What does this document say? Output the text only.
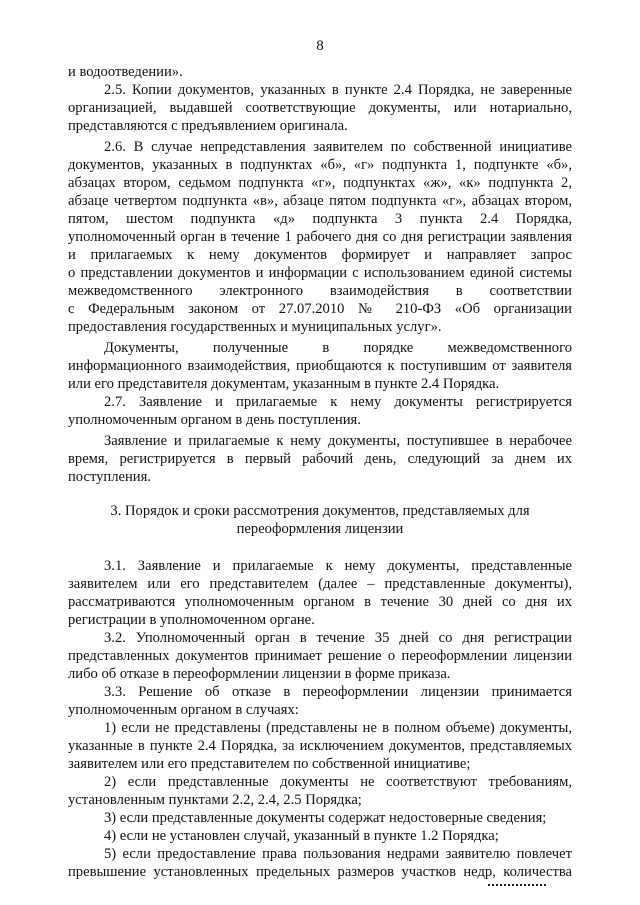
8
и водоотведении».
2.5. Копии документов, указанных в пункте 2.4 Порядка, не заверенные
организацией, выдавшей соответствующие документы, или нотариально,
представляются с предъявлением оригинала.
2.6. В случае непредставления заявителем по собственной инициативе
документов, указанных в подпунктах «б», «г» подпункта 1, подпункте «б»,
абзацах втором, седьмом подпункта «г», подпунктах «ж», «к» подпункта 2,
абзаце четвертом подпункта «в», абзаце пятом подпункта «г», абзацах втором,
пятом, шестом подпункта «д» подпункта 3 пункта 2.4 Порядка,
уполномоченный орган в течение 1 рабочего дня со дня регистрации заявления
и прилагаемых к нему документов формирует и направляет запрос
о представлении документов и информации с использованием единой системы
межведомственного электронного взаимодействия в соответствии
с Федеральным законом от 27.07.2010 № 210-ФЗ «Об организации
предоставления государственных и муниципальных услуг».
Документы, полученные в порядке межведомственного
информационного взаимодействия, приобщаются к поступившим от заявителя
или его представителя документам, указанным в пункте 2.4 Порядка.
2.7. Заявление и прилагаемые к нему документы регистрируется
уполномоченным органом в день поступления.
Заявление и прилагаемые к нему документы, поступившее в нерабочее
время, регистрируется в первый рабочий день, следующий за днем их
поступления.
3. Порядок и сроки рассмотрения документов, представляемых для
переоформления лицензии
3.1. Заявление и прилагаемые к нему документы, представленные
заявителем или его представителем (далее – представленные документы),
рассматриваются уполномоченным органом в течение 30 дней со дня их
регистрации в уполномоченном органе.
3.2. Уполномоченный орган в течение 35 дней со дня регистрации
представленных документов принимает решение о переоформлении лицензии
либо об отказе в переоформлении лицензии в форме приказа.
3.3. Решение об отказе в переоформлении лицензии принимается
уполномоченным органом в случаях:
1) если не представлены (представлены не в полном объеме) документы,
указанные в пункте 2.4 Порядка, за исключением документов, представляемых
заявителем или его представителем по собственной инициативе;
2) если представленные документы не соответствуют требованиям,
установленным пунктами 2.2, 2.4, 2.5 Порядка;
3) если представленные документы содержат недостоверные сведения;
4) если не установлен случай, указанный в пункте 1.2 Порядка;
5) если предоставление права пользования недрами заявителю повлечет
превышение установленных предельных размеров участков недр, количества
